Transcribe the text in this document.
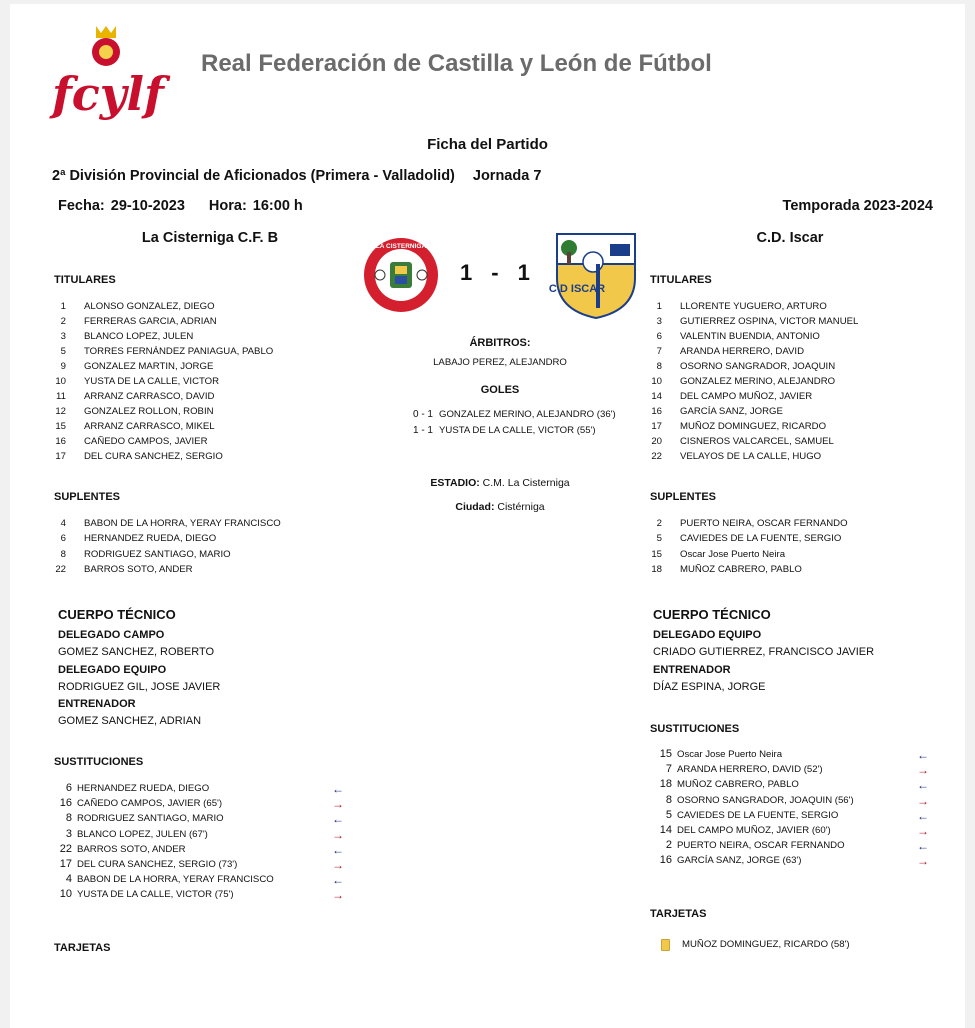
fcylf
Real Federación de Castilla y León de Fútbol
Ficha del Partido
2ª División Provincial de Aficionados (Primera - Valladolid) Jornada 7
Fecha: 29-10-2023 Hora: 16:00 h	Temporada 2023-2024
La Cisterniga C.F. B	C.D. Iscar
LA CISTERNIGA
1 - 1
C D ISCAR
TITULARES
1 ALONSO GONZALEZ, DIEGO
2 FERRERAS GARCIA, ADRIAN
3 BLANCO LOPEZ, JULEN
5 TORRES FERNÁNDEZ PANIAGUA, PABLO
9 GONZALEZ MARTIN, JORGE
10 YUSTA DE LA CALLE, VICTOR
11 ARRANZ CARRASCO, DAVID
12 GONZALEZ ROLLON, ROBIN
15 ARRANZ CARRASCO, MIKEL
16 CAÑEDO CAMPOS, JAVIER
17 DEL CURA SANCHEZ, SERGIO
SUPLENTES
4 BABON DE LA HORRA, YERAY FRANCISCO
6 HERNANDEZ RUEDA, DIEGO
8 RODRIGUEZ SANTIAGO, MARIO
22 BARROS SOTO, ANDER
CUERPO TÉCNICO
DELEGADO CAMPO
GOMEZ SANCHEZ, ROBERTO
DELEGADO EQUIPO
RODRIGUEZ GIL, JOSE JAVIER
ENTRENADOR
GOMEZ SANCHEZ, ADRIAN
SUSTITUCIONES
6 HERNANDEZ RUEDA, DIEGO	←
16 CAÑEDO CAMPOS, JAVIER (65')	→
8 RODRIGUEZ SANTIAGO, MARIO	←
3 BLANCO LOPEZ, JULEN (67')	→
22 BARROS SOTO, ANDER	←
17 DEL CURA SANCHEZ, SERGIO (73')	→
4 BABON DE LA HORRA, YERAY FRANCISCO	←
10 YUSTA DE LA CALLE, VICTOR (75')	→
TARJETAS
ÁRBITROS:
LABAJO PEREZ, ALEJANDRO
GOLES
0 - 1 GONZALEZ MERINO, ALEJANDRO (36')
1 - 1 YUSTA DE LA CALLE, VICTOR (55')
ESTADIO: C.M. La Cisterniga
Ciudad: Cistérniga
TITULARES
1 LLORENTE YUGUERO, ARTURO
3 GUTIERREZ OSPINA, VICTOR MANUEL
6 VALENTIN BUENDIA, ANTONIO
7 ARANDA HERRERO, DAVID
8 OSORNO SANGRADOR, JOAQUIN
10 GONZALEZ MERINO, ALEJANDRO
14 DEL CAMPO MUÑOZ, JAVIER
16 GARCÍA SANZ, JORGE
17 MUÑOZ DOMINGUEZ, RICARDO
20 CISNEROS VALCARCEL, SAMUEL
22 VELAYOS DE LA CALLE, HUGO
SUPLENTES
2 PUERTO NEIRA, OSCAR FERNANDO
5 CAVIEDES DE LA FUENTE, SERGIO
15 Oscar Jose Puerto Neira
18 MUÑOZ CABRERO, PABLO
CUERPO TÉCNICO
DELEGADO EQUIPO
CRIADO GUTIERREZ, FRANCISCO JAVIER
ENTRENADOR
DÍAZ ESPINA, JORGE
SUSTITUCIONES
15 Oscar Jose Puerto Neira	←
7 ARANDA HERRERO, DAVID (52')	→
18 MUÑOZ CABRERO, PABLO	←
8 OSORNO SANGRADOR, JOAQUIN (56')	→
5 CAVIEDES DE LA FUENTE, SERGIO	←
14 DEL CAMPO MUÑOZ, JAVIER (60')	→
2 PUERTO NEIRA, OSCAR FERNANDO	←
16 GARCÍA SANZ, JORGE (63')	→
TARJETAS
MUÑOZ DOMINGUEZ, RICARDO (58')
